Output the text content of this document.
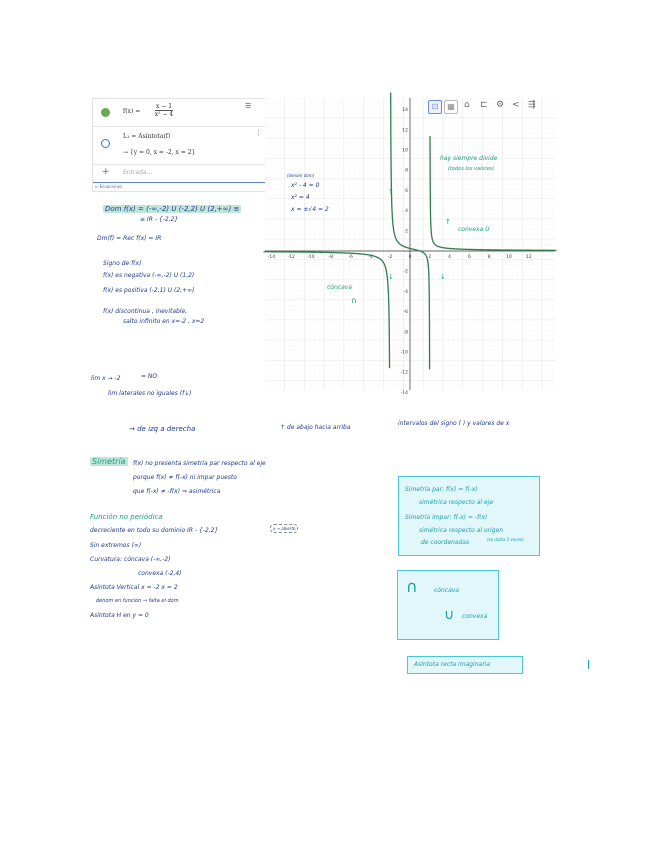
$f(x) = \frac{x - 1}{\text{x² − 4}}$	☰
L₁ = Asíntota(f)
→ {y = 0, x = -2, x = 2}
⋮
+ Entrada...
⊳ Ecuaciones
-14	-12	-10	-8	-6	-4	-2	0	2	4	6	8	10	12
14
12
10
8
6
4
2
-2
-4
-6
-8
-10
-12
-14
⊡	▦	⌂ ⊏ ⚙ < ⇶
hay siempre divide
(todos los valores)
(denom dom)
x² - 4 = 0
x² = 4
x = ±√4 = 2
↑
convexa U
↑
↓	↓
cóncava
∩
Dom f(x) = (-∞,-2) U (-2,2) U (2,+∞) ≡
≡ IR - {-2,2}
Dm(f) = Rec f(x) = IR
Signo de f(x)
f(x) es negativa (-∞,-2) U (1,2)
f(x) es positiva (-2,1) U (2,+∞)
f(x) discontinua , inevitable,
salto infinito en x=-2 , x=2
lim x → -2	= NO
lim laterales no iguales (f↓)
→ de izq a derecha	↑ de abajo hacia arriba
intervalos del signo ( ) y valores de x
Simetría	f(x) no presenta simetría par respecto al eje
porque f(x) ≠ f(-x) ni impar puesto
que f(-x) ≠ -f(x) ⇒ asimétrica
Función no periódica
decreciente en todo su dominio IR - {-2,2}	x → abierto
Sin extremos (∞)
Curvatura: cóncava (-∞,-2)
convexa (-2,4)
Asíntota Vertical x = -2 x = 2
denom en función → falta el dom
Asíntota H en y = 0
Simetría par: f(x) = f(-x)
simétrica respecto al eje
Simetría impar: f(-x) = -f(x)
simétrica respecto al origen
de coordenadas	(se dobla 2 veces)
∩	cóncava
∪ convexa
Asíntota recta imaginaria
